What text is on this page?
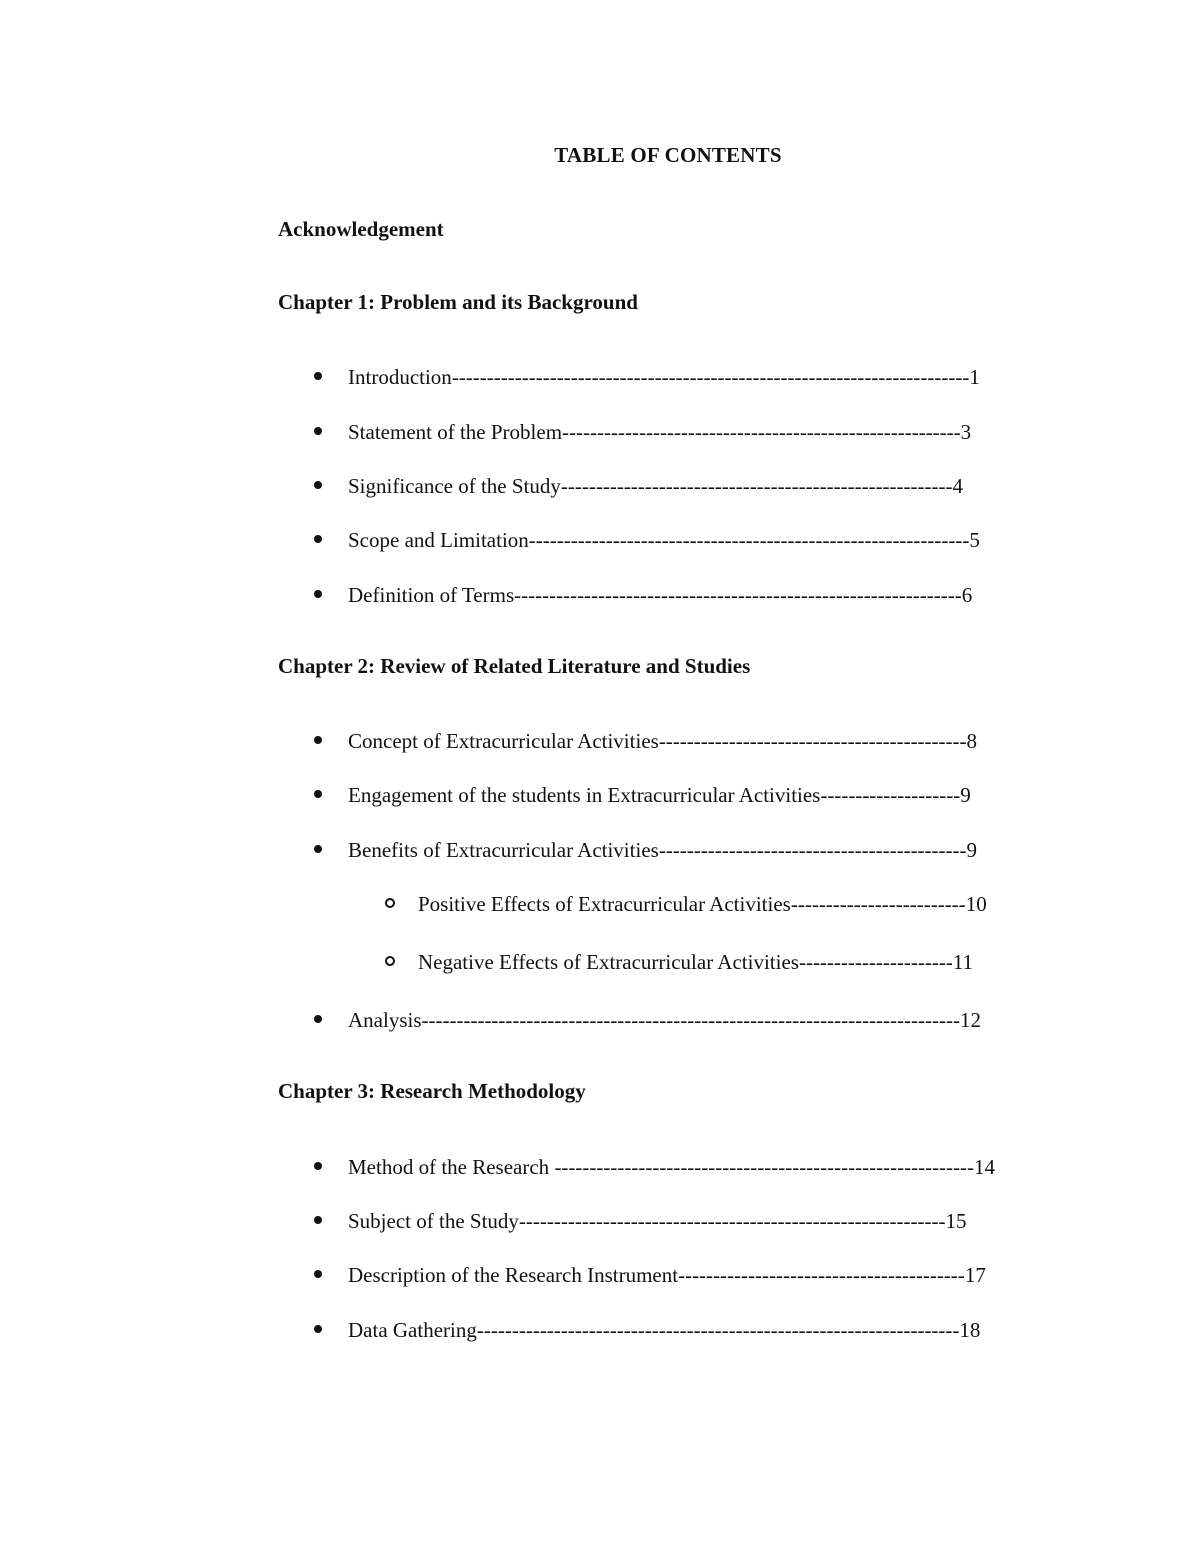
TABLE OF CONTENTS
Acknowledgement
Chapter 1: Problem and its Background
Introduction--------------------------------------------------------------------------1
Statement of the Problem---------------------------------------------------------3
Significance of the Study--------------------------------------------------------4
Scope and Limitation---------------------------------------------------------------5
Definition of Terms----------------------------------------------------------------6
Chapter 2: Review of Related Literature and Studies
Concept of Extracurricular Activities--------------------------------------------8
Engagement of the students in Extracurricular Activities--------------------9
Benefits of Extracurricular Activities--------------------------------------------9
Positive Effects of Extracurricular Activities-------------------------10
Negative Effects of Extracurricular Activities----------------------11
Analysis-----------------------------------------------------------------------------12
Chapter 3: Research Methodology
Method of the Research ------------------------------------------------------------14
Subject of the Study-------------------------------------------------------------15
Description of the Research Instrument-----------------------------------------17
Data Gathering---------------------------------------------------------------------18
